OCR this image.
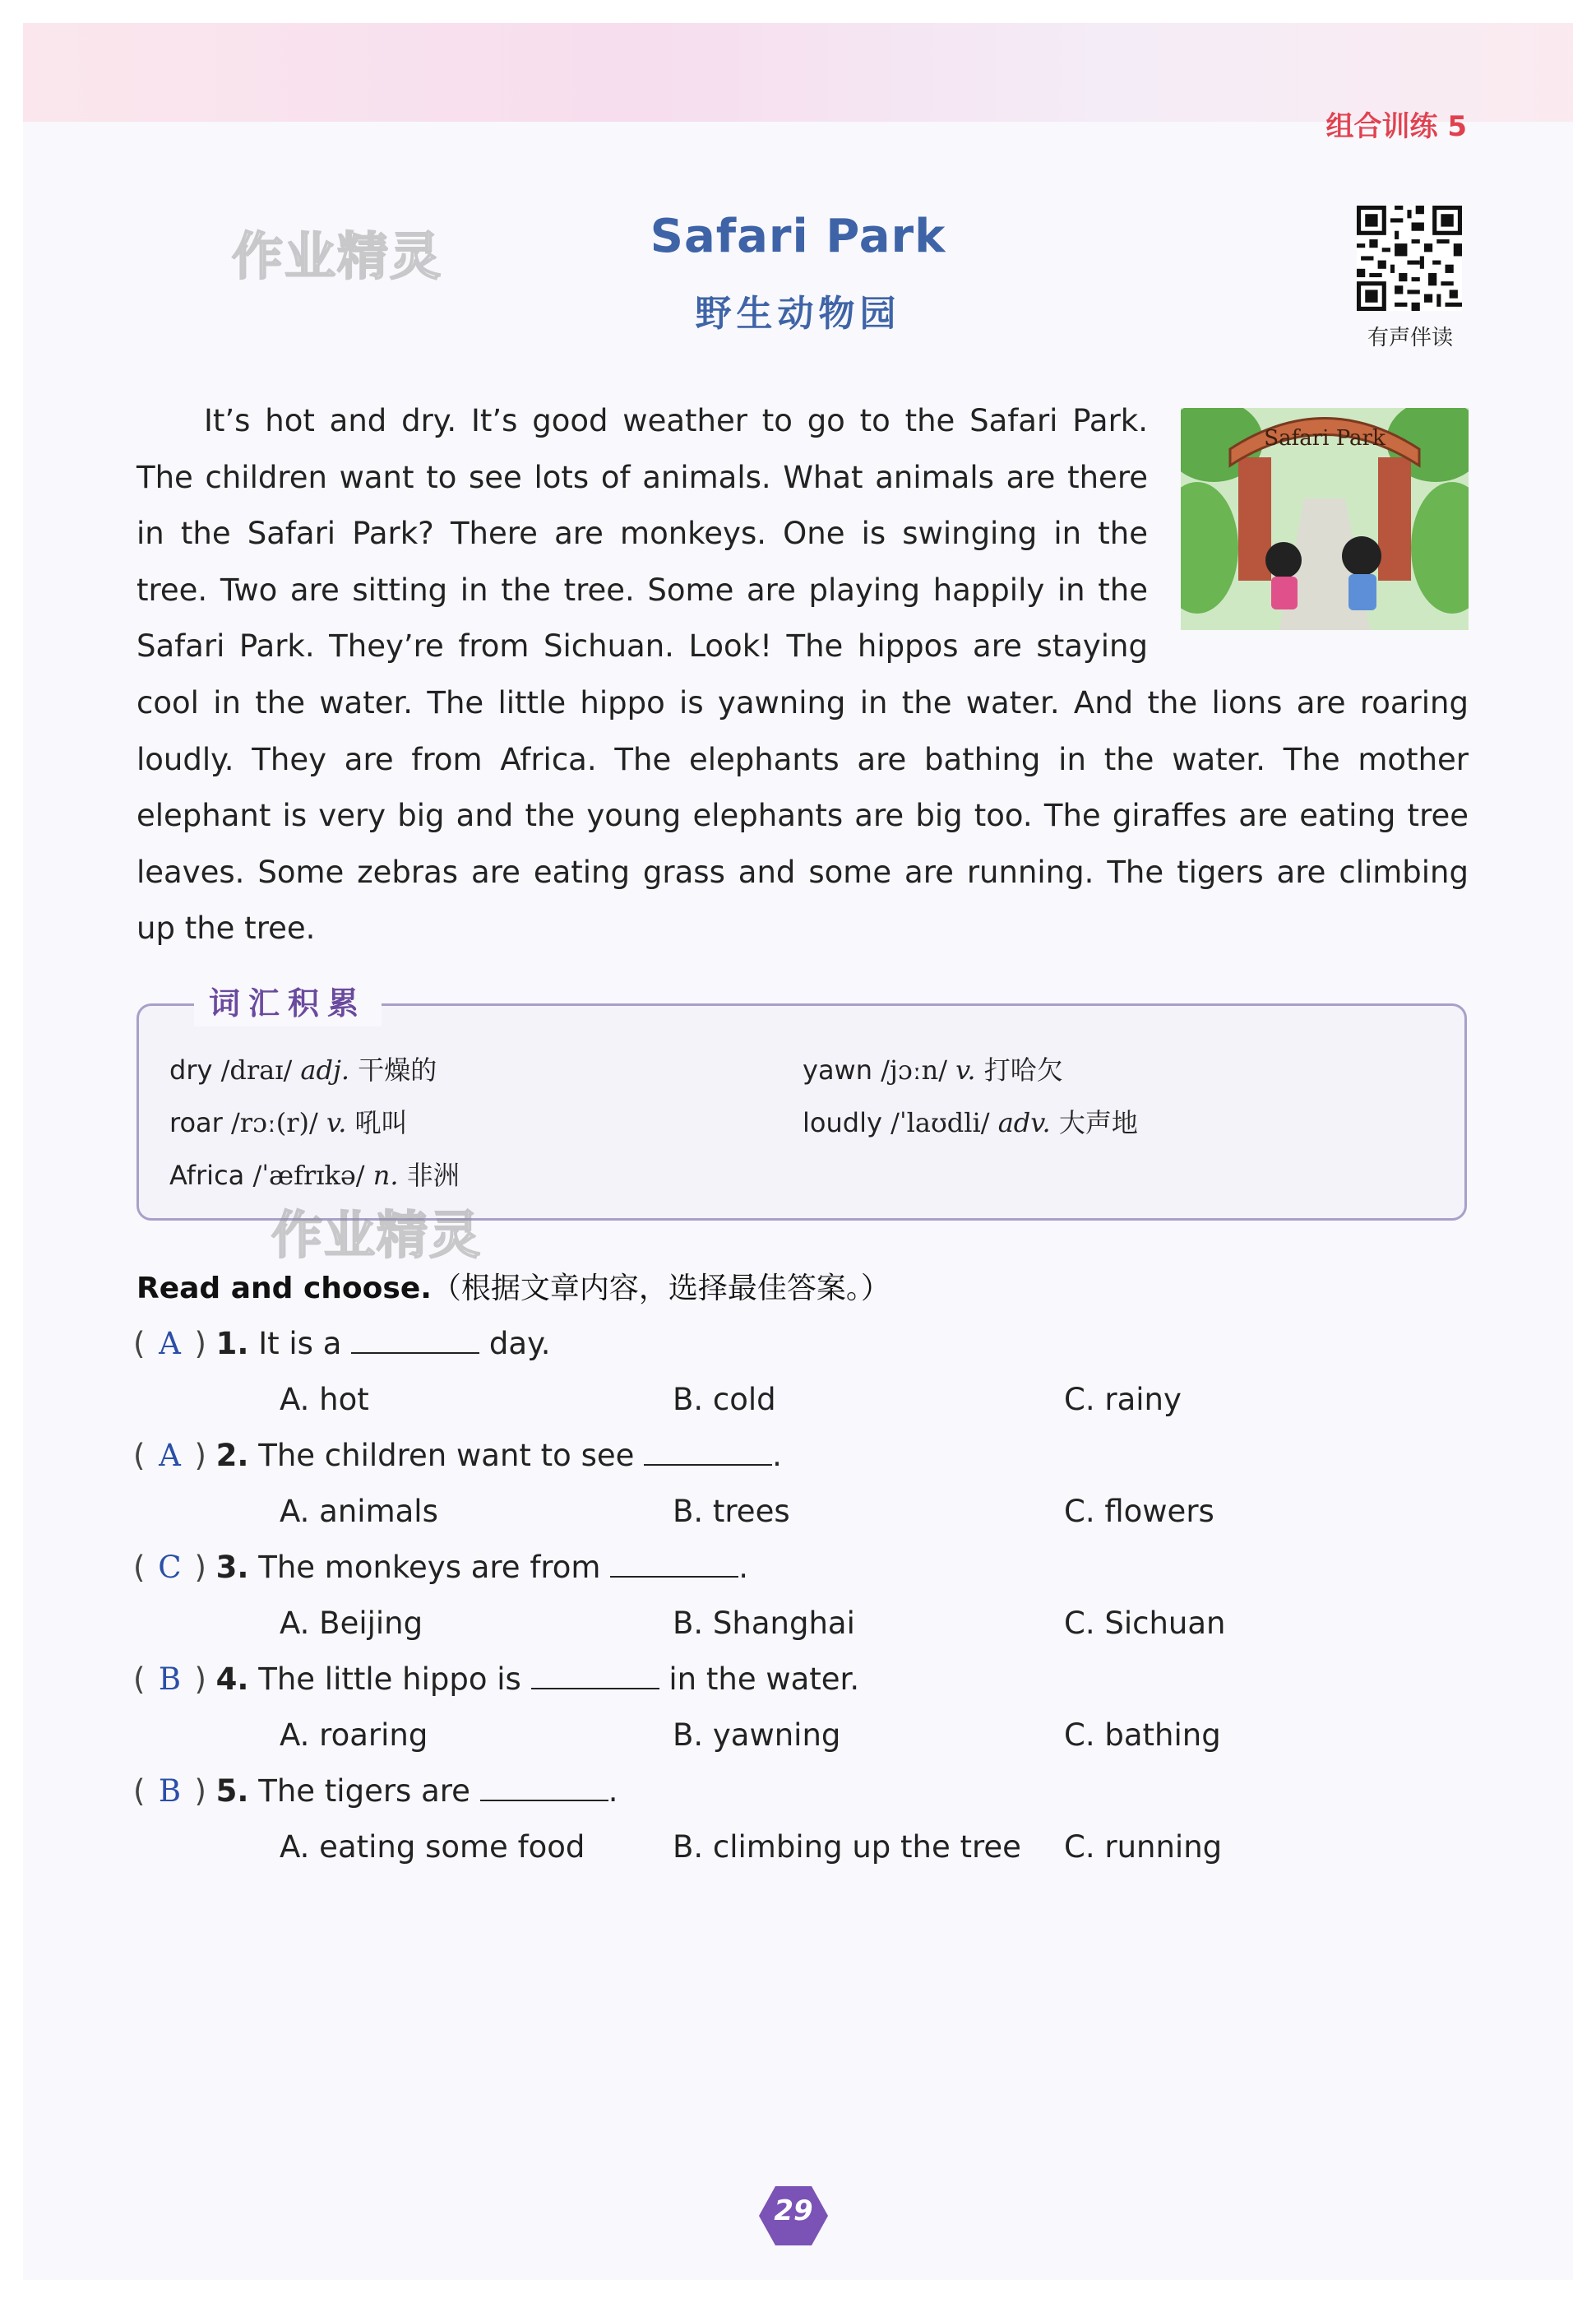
组合训练 5
作业精灵	Safari Park
野生动物园
有声伴读
Safari Park

It’s hot and dry. It’s good weather to go to the Safari Park. The children want to see lots of animals. What animals are there in the Safari Park? There are monkeys. One is swinging in the tree. Two are sitting in the tree. Some are playing happily in the Safari Park. They’re from Sichuan. Look! The hippos are staying cool in the water. The little hippo is yawning in the water. And the lions are roaring loudly. They are from Africa. The elephants are bathing in the water. The mother elephant is very big and the young elephants are big too. The giraffes are eating tree leaves. Some zebras are eating grass and some are running. The tigers are climbing up the tree.

词汇积累
dry /draɪ/ adj. 干燥的	yawn /jɔːn/ v. 打哈欠
roar /rɔː(r)/ v. 吼叫	loudly /ˈlaʊdli/ adv. 大声地
Africa /ˈæfrɪkə/ n. 非洲
作业精灵
Read and choose.（根据文章内容，选择最佳答案。）
( A ) 1. It is a	day.
A. hot	B. cold	C. rainy
( A ) 2. The children want to see	.
A. animals	B. trees	C. flowers
( C ) 3. The monkeys are from	.
A. Beijing	B. Shanghai	C. Sichuan
( B ) 4. The little hippo is	in the water.
A. roaring	B. yawning	C. bathing
( B ) 5. The tigers are	.
A. eating some food	B. climbing up the tree C. running
29
